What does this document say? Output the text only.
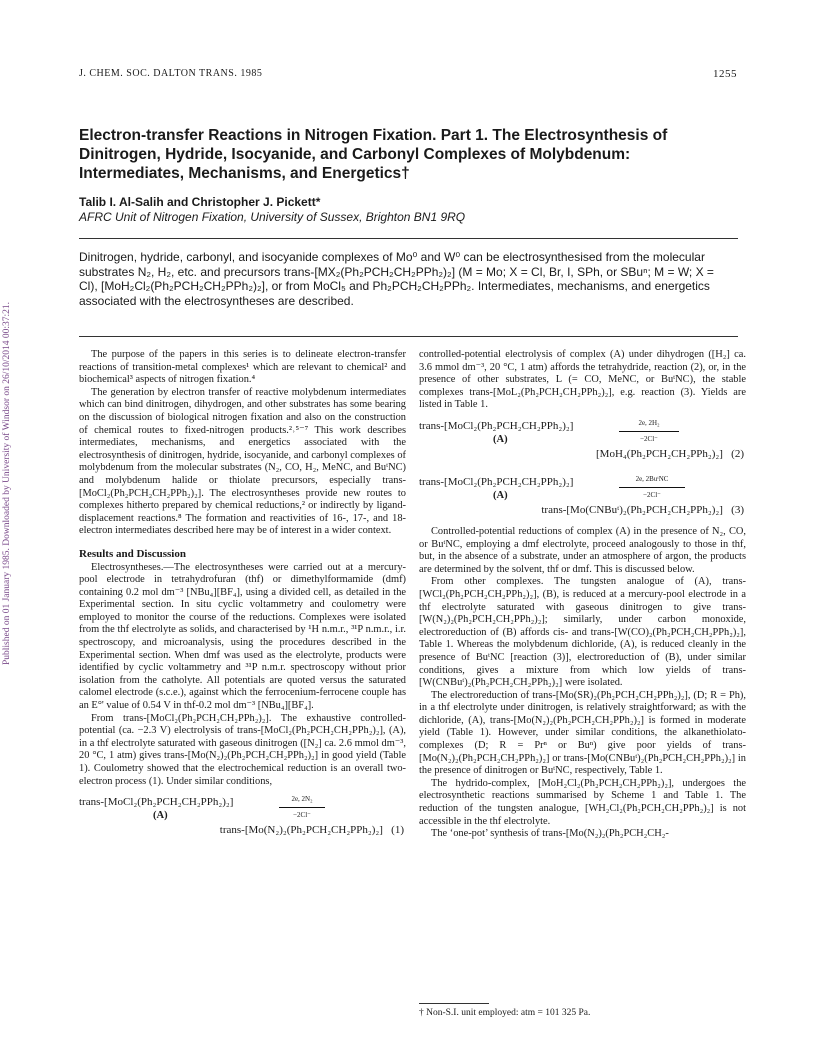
Published on 01 January 1985. Downloaded by University of Windsor on 26/10/2014 00:37:21.
J. CHEM. SOC. DALTON TRANS. 1985	1255
Electron-transfer Reactions in Nitrogen Fixation. Part 1. The Electrosynthesis of Dinitrogen, Hydride, Isocyanide, and Carbonyl Complexes of Molybdenum: Intermediates, Mechanisms, and Energetics†
Talib I. Al-Salih and Christopher J. Pickett*
AFRC Unit of Nitrogen Fixation, University of Sussex, Brighton BN1 9RQ
Dinitrogen, hydride, carbonyl, and isocyanide complexes of Mo⁰ and W⁰ can be electrosynthesised from the molecular substrates N₂, H₂, etc. and precursors trans-[MX₂(Ph₂PCH₂CH₂PPh₂)₂] (M = Mo; X = Cl, Br, I, SPh, or SBuⁿ; M = W; X = Cl), [MoH₂Cl₂(Ph₂PCH₂CH₂PPh₂)₂], or from MoCl₅ and Ph₂PCH₂CH₂PPh₂. Intermediates, mechanisms, and energetics associated with the electrosyntheses are described.

The purpose of the papers in this series is to delineate electron-transfer reactions of transition-metal complexes¹ which are relevant to chemical² and biochemical³ aspects of nitrogen fixation.⁴

The generation by electron transfer of reactive molybdenum intermediates which can bind dinitrogen, dihydrogen, and other substrates has some bearing on the discussion of biological nitrogen fixation and also on the construction of chemical routes to fixed-nitrogen products.²˒⁵⁻⁷ This work describes intermediates, mechanisms, and energetics associated with the electrosynthesis of dinitrogen, hydride, isocyanide, and carbonyl complexes of molybdenum from the molecular substrates (N₂, CO, H₂, MeNC, and BuᵗNC) and molybdenum halide or thiolate precursors, especially trans-[MoCl₂(Ph₂PCH₂CH₂PPh₂)₂]. The electrosyntheses provide new routes to complexes hitherto prepared by chemical reductions,² or indirectly by ligand-displacement reactions.⁸ The formation and reactivities of 16-, 17-, and 18-electron intermediates described here may be of interest in a wider context.

Results and Discussion

Electrosyntheses.—The electrosyntheses were carried out at a mercury-pool electrode in tetrahydrofuran (thf) or dimethylformamide (dmf) containing 0.2 mol dm⁻³ [NBu₄][BF₄], using a divided cell, as detailed in the Experimental section. In situ cyclic voltammetry and coulometry were employed to monitor the course of the reductions. Complexes were isolated from the thf electrolyte as solids, and characterised by ¹H n.m.r., ³¹P n.m.r., i.r. spectroscopy, and microanalysis, using the procedures described in the Experimental section. When dmf was used as the electrolyte, products were identified by cyclic voltammetry and ³¹P n.m.r. spectroscopy without prior isolation from the catholyte. All potentials are quoted versus the saturated calomel electrode (s.c.e.), against which the ferrocenium-ferrocene couple has an E°' value of 0.54 V in thf-0.2 mol dm⁻³ [NBu₄][BF₄].

From trans-[MoCl₂(Ph₂PCH₂CH₂PPh₂)₂]. The exhaustive controlled-potential (ca. −2.3 V) electrolysis of trans-[MoCl₂(Ph₂PCH₂CH₂PPh₂)₂], (A), in a thf electrolyte saturated with gaseous dinitrogen ([N₂] ca. 2.6 mmol dm⁻³, 20 °C, 1 atm) gives trans-[Mo(N₂)₂(Ph₂PCH₂CH₂PPh₂)₂] in good yield (Table 1). Coulometry showed that the electrochemical reduction is an overall two-electron process (1). Under similar conditions,

trans-[MoCl₂(Ph₂PCH₂CH₂PPh₂)₂]	2e, 2N₂
−2Cl⁻
(A)
trans-[Mo(N₂)₂(Ph₂PCH₂CH₂PPh₂)₂] (1)

controlled-potential electrolysis of complex (A) under dihydrogen ([H₂] ca. 3.6 mmol dm⁻³, 20 °C, 1 atm) affords the tetrahydride, reaction (2), or, in the presence of other substrates, L (= CO, MeNC, or BuᵗNC), the stable complexes trans-[MoL₂(Ph₂PCH₂CH₂PPh₂)₂], e.g. reaction (3). Yields are listed in Table 1.

trans-[MoCl₂(Ph₂PCH₂CH₂PPh₂)₂]	2e, 2H₂
−2Cl⁻
(A)
[MoH₄(Ph₂PCH₂CH₂PPh₂)₂] (2)
trans-[MoCl₂(Ph₂PCH₂CH₂PPh₂)₂]	2e, 2BuᵗNC
−2Cl⁻
(A)
trans-[Mo(CNBuᵗ)₂(Ph₂PCH₂CH₂PPh₂)₂] (3)

Controlled-potential reductions of complex (A) in the presence of N₂, CO, or BuᵗNC, employing a dmf electrolyte, proceed analogously to those in thf, but, in the absence of a substrate, under an atmosphere of argon, the products are determined by the solvent, thf or dmf. This is discussed below.

From other complexes. The tungsten analogue of (A), trans-[WCl₂(Ph₂PCH₂CH₂PPh₂)₂], (B), is reduced at a mercury-pool electrode in a thf electrolyte saturated with gaseous dinitrogen to give trans-[W(N₂)₂(Ph₂PCH₂CH₂PPh₂)₂]; similarly, under carbon monoxide, electroreduction of (B) affords cis- and trans-[W(CO)₂(Ph₂PCH₂CH₂PPh₂)₂], Table 1. Whereas the molybdenum dichloride, (A), is reduced cleanly in the presence of BuᵗNC [reaction (3)], electroreduction of (B), under similar conditions, gives a mixture from which low yields of trans-[W(CNBuᵗ)₂(Ph₂PCH₂CH₂PPh₂)₂] were isolated.

The electroreduction of trans-[Mo(SR)₂(Ph₂PCH₂CH₂PPh₂)₂], (D; R = Ph), in a thf electrolyte under dinitrogen, is relatively straightforward; as with the dichloride, (A), trans-[Mo(N₂)₂(Ph₂PCH₂CH₂PPh₂)₂] is formed in moderate yield (Table 1). However, under similar conditions, the alkanethiolato-complexes (D; R = Prⁿ or Buⁿ) give poor yields of trans-[Mo(N₂)₂(Ph₂PCH₂CH₂PPh₂)₂] or trans-[Mo(CNBuᵗ)₂(Ph₂PCH₂CH₂PPh₂)₂] in the presence of dinitrogen or BuᵗNC, respectively, Table 1.

The hydrido-complex, [MoH₂Cl₂(Ph₂PCH₂CH₂PPh₂)₂], undergoes the electrosynthetic reactions summarised by Scheme 1 and Table 1. The reduction of the tungsten analogue, [WH₂Cl₂(Ph₂PCH₂CH₂PPh₂)₂] is not accessible in the thf electrolyte.

The ‘one-pot’ synthesis of trans-[Mo(N₂)₂(Ph₂PCH₂CH₂-

† Non-S.I. unit employed: atm = 101 325 Pa.
